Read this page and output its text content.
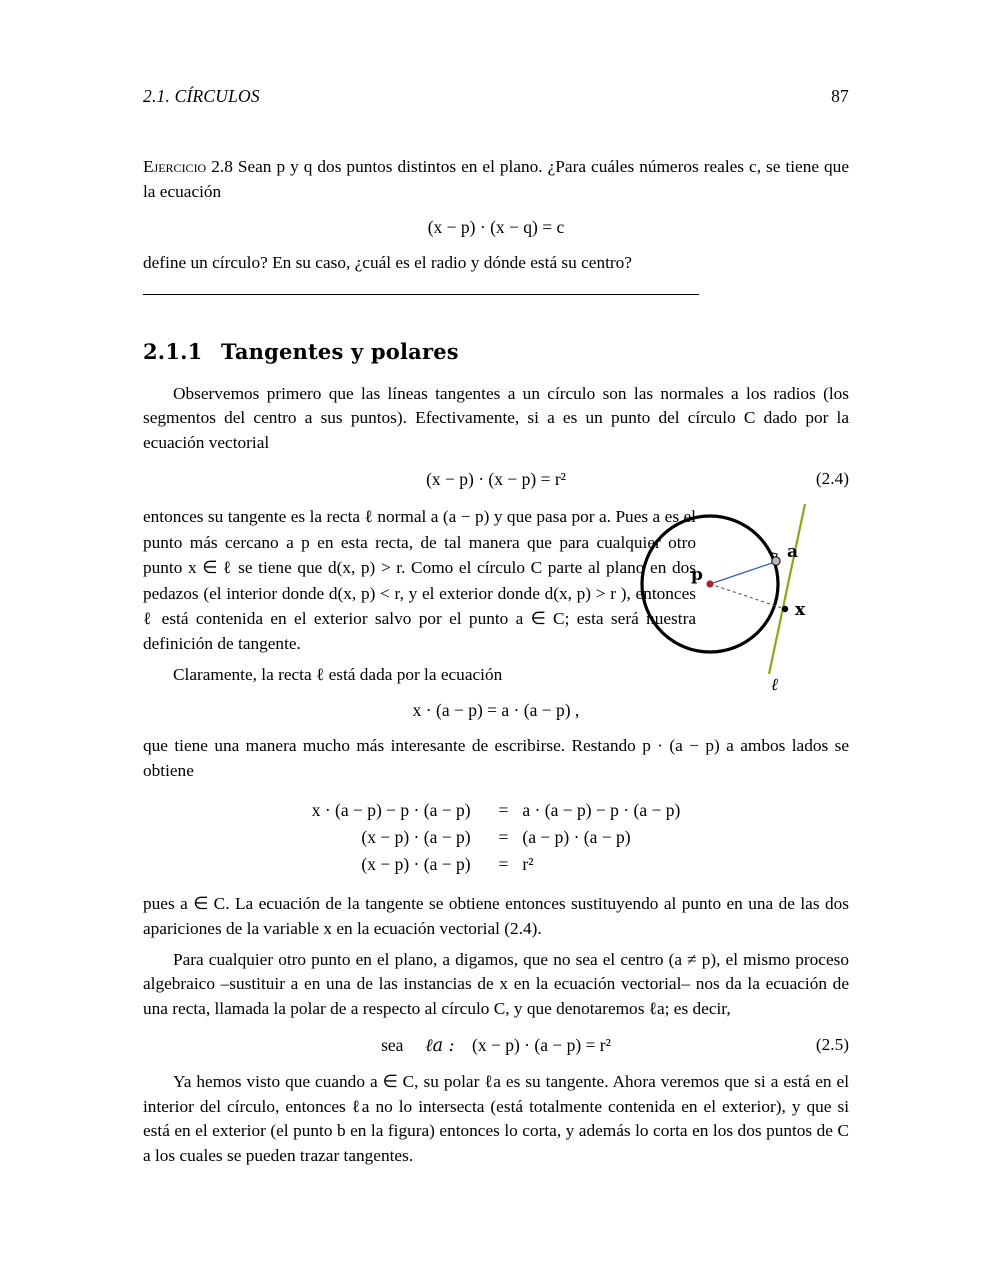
2.1. CÍRCULOS	87
Ejercicio 2.8 Sean p y q dos puntos distintos en el plano. ¿Para cuáles números reales c, se tiene que la ecuación
(x − p) · (x − q) = c
define un círculo? En su caso, ¿cuál es el radio y dónde está su centro?
2.1.1 Tangentes y polares
Observemos primero que las líneas tangentes a un círculo son las normales a los radios (los segmentos del centro a sus puntos). Efectivamente, si a es un punto del círculo C dado por la ecuación vectorial
(x − p) · (x − p) = r²	(2.4)
p
a
x
ℓ
entonces su tangente es la recta ℓ normal a (a − p) y que pasa por a. Pues a es el punto más cercano a p en esta recta, de tal manera que para cualquier otro punto x ∈ ℓ se tiene que d(x, p) > r. Como el círculo C parte al plano en dos pedazos (el interior donde d(x, p) < r, y el exterior donde d(x, p) > r ), entonces ℓ está contenida en el exterior salvo por el punto a ∈ C; esta será nuestra definición de tangente.
Claramente, la recta ℓ está dada por la ecuación
x · (a − p) = a · (a − p) ,
que tiene una manera mucho más interesante de escribirse. Restando p · (a − p) a ambos lados se obtiene
x · (a − p) − p · (a − p)	=	a · (a − p) − p · (a − p)
(x − p) · (a − p)	=	(a − p) · (a − p)
(x − p) · (a − p)	=	r²
pues a ∈ C. La ecuación de la tangente se obtiene entonces sustituyendo al punto en una de las dos apariciones de la variable x en la ecuación vectorial (2.4).
Para cualquier otro punto en el plano, a digamos, que no sea el centro (a ≠ p), el mismo proceso algebraico –sustituir a en una de las instancias de x en la ecuación vectorial– nos da la ecuación de una recta, llamada la polar de a respecto al círculo C, y que denotaremos ℓa; es decir,
sea ℓa : (x − p) · (a − p) = r²	(2.5)
Ya hemos visto que cuando a ∈ C, su polar ℓa es su tangente. Ahora veremos que si a está en el interior del círculo, entonces ℓa no lo intersecta (está totalmente contenida en el exterior), y que si está en el exterior (el punto b en la figura) entonces lo corta, y además lo corta en los dos puntos de C a los cuales se pueden trazar tangentes.
